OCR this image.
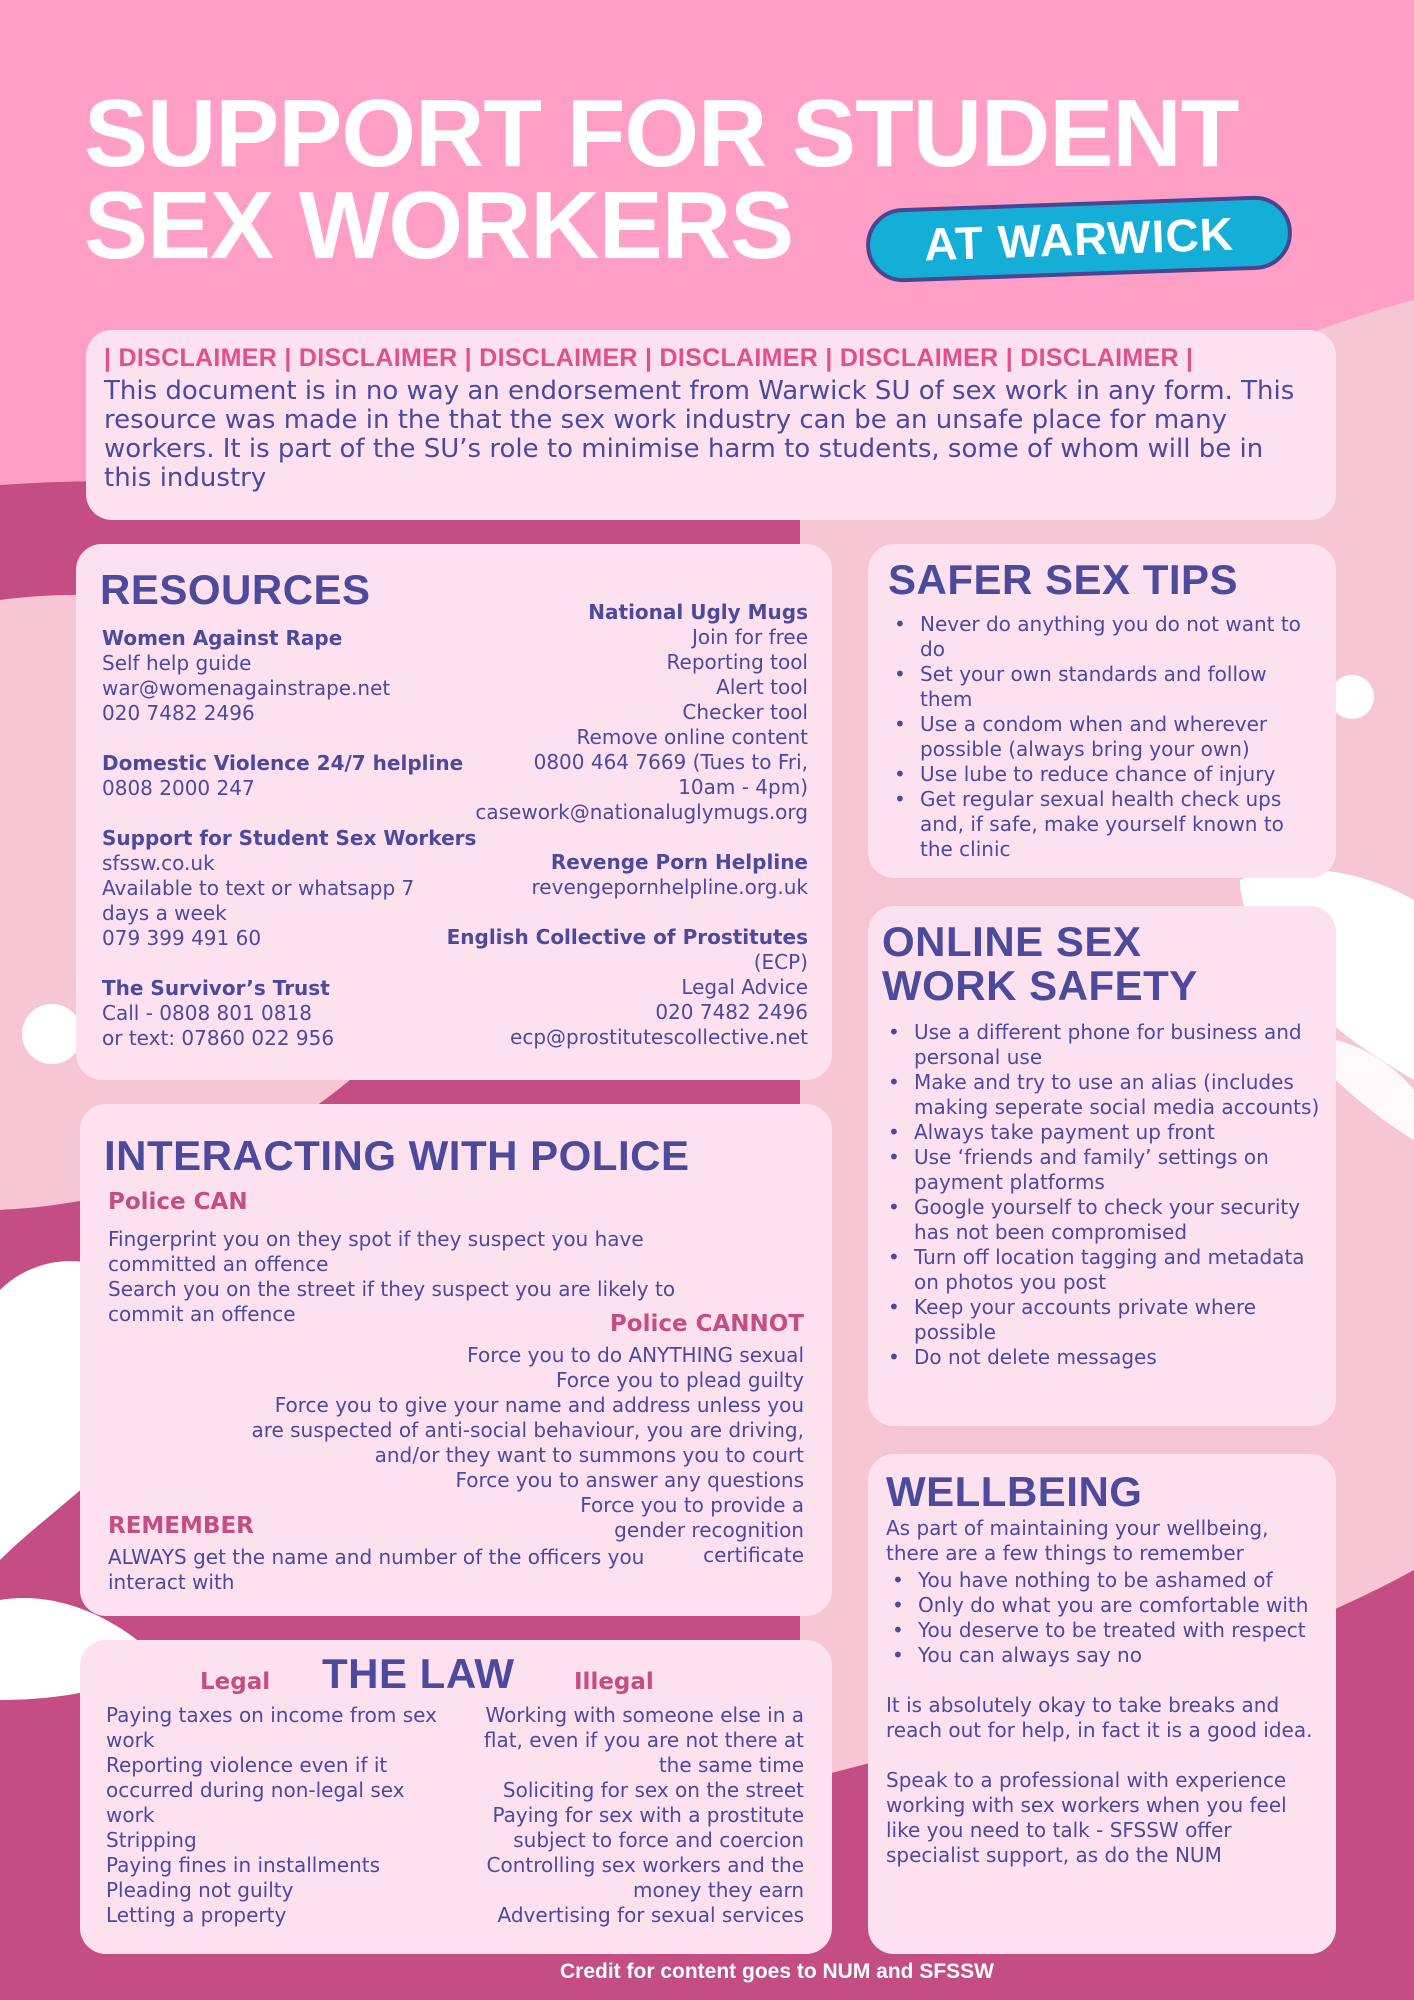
SUPPORT FOR STUDENT
SEX WORKERS	AT WARWICK
| DISCLAIMER | DISCLAIMER | DISCLAIMER | DISCLAIMER | DISCLAIMER | DISCLAIMER |

This document is in no way an endorsement from Warwick SU of sex work in any form. This resource was made in the that the sex work industry can be an unsafe place for many workers. It is part of the SU’s role to minimise harm to students, some of whom will be in this industry

RESOURCES
Women Against Rape
Self help guide
war@womenagainstrape.net
020 7482 2496
Domestic Violence 24/7 helpline
0808 2000 247
Support for Student Sex Workers
sfssw.co.uk
Available to text or whatsapp 7
days a week
079 399 491 60
The Survivor’s Trust
Call - 0808 801 0818
or text: 07860 022 956
National Ugly Mugs
Join for free
Reporting tool
Alert tool
Checker tool
Remove online content
0800 464 7669 (Tues to Fri,
10am - 4pm)
casework@nationaluglymugs.org
Revenge Porn Helpline
revengepornhelpline.org.uk
English Collective of Prostitutes
(ECP)
Legal Advice
020 7482 2496
ecp@prostitutescollective.net
SAFER SEX TIPS
• Never do anything you do not want to do
• Set your own standards and follow them
• Use a condom when and wherever possible (always bring your own)
• Use lube to reduce chance of injury
• Get regular sexual health check ups and, if safe, make yourself known to the clinic
ONLINE SEX
WORK SAFETY
• Use a different phone for business and personal use
• Make and try to use an alias (includes making seperate social media accounts)
• Always take payment up front
• Use ‘friends and family’ settings on payment platforms
• Google yourself to check your security has not been compromised
• Turn off location tagging and metadata on photos you post
• Keep your accounts private where possible
• Do not delete messages
WELLBEING
As part of maintaining your wellbeing, there are a few things to remember
• You have nothing to be ashamed of
• Only do what you are comfortable with
• You deserve to be treated with respect
• You can always say no
It is absolutely okay to take breaks and reach out for help, in fact it is a good idea.
Speak to a professional with experience working with sex workers when you feel like you need to talk - SFSSW offer specialist support, as do the NUM
INTERACTING WITH POLICE
Police CAN
Fingerprint you on they spot if they suspect you have committed an offence
Search you on the street if they suspect you are likely to commit an offence	Police CANNOT
Force you to do ANYTHING sexual
Force you to plead guilty
Force you to give your name and address unless you are suspected of anti-social behaviour, you are driving, and/or they want to summons you to court
Force you to answer any questions
Force you to provide a gender recognition certificate
REMEMBER
ALWAYS get the name and number of the officers you interact with
THE LAW
Legal
Paying taxes on income from sex work
Reporting violence even if it occurred during non-legal sex work
Stripping
Paying fines in installments
Pleading not guilty
Letting a property
Illegal
Working with someone else in a flat, even if you are not there at the same time
Soliciting for sex on the street
Paying for sex with a prostitute subject to force and coercion
Controlling sex workers and the money they earn
Advertising for sexual services
Credit for content goes to NUM and SFSSW
